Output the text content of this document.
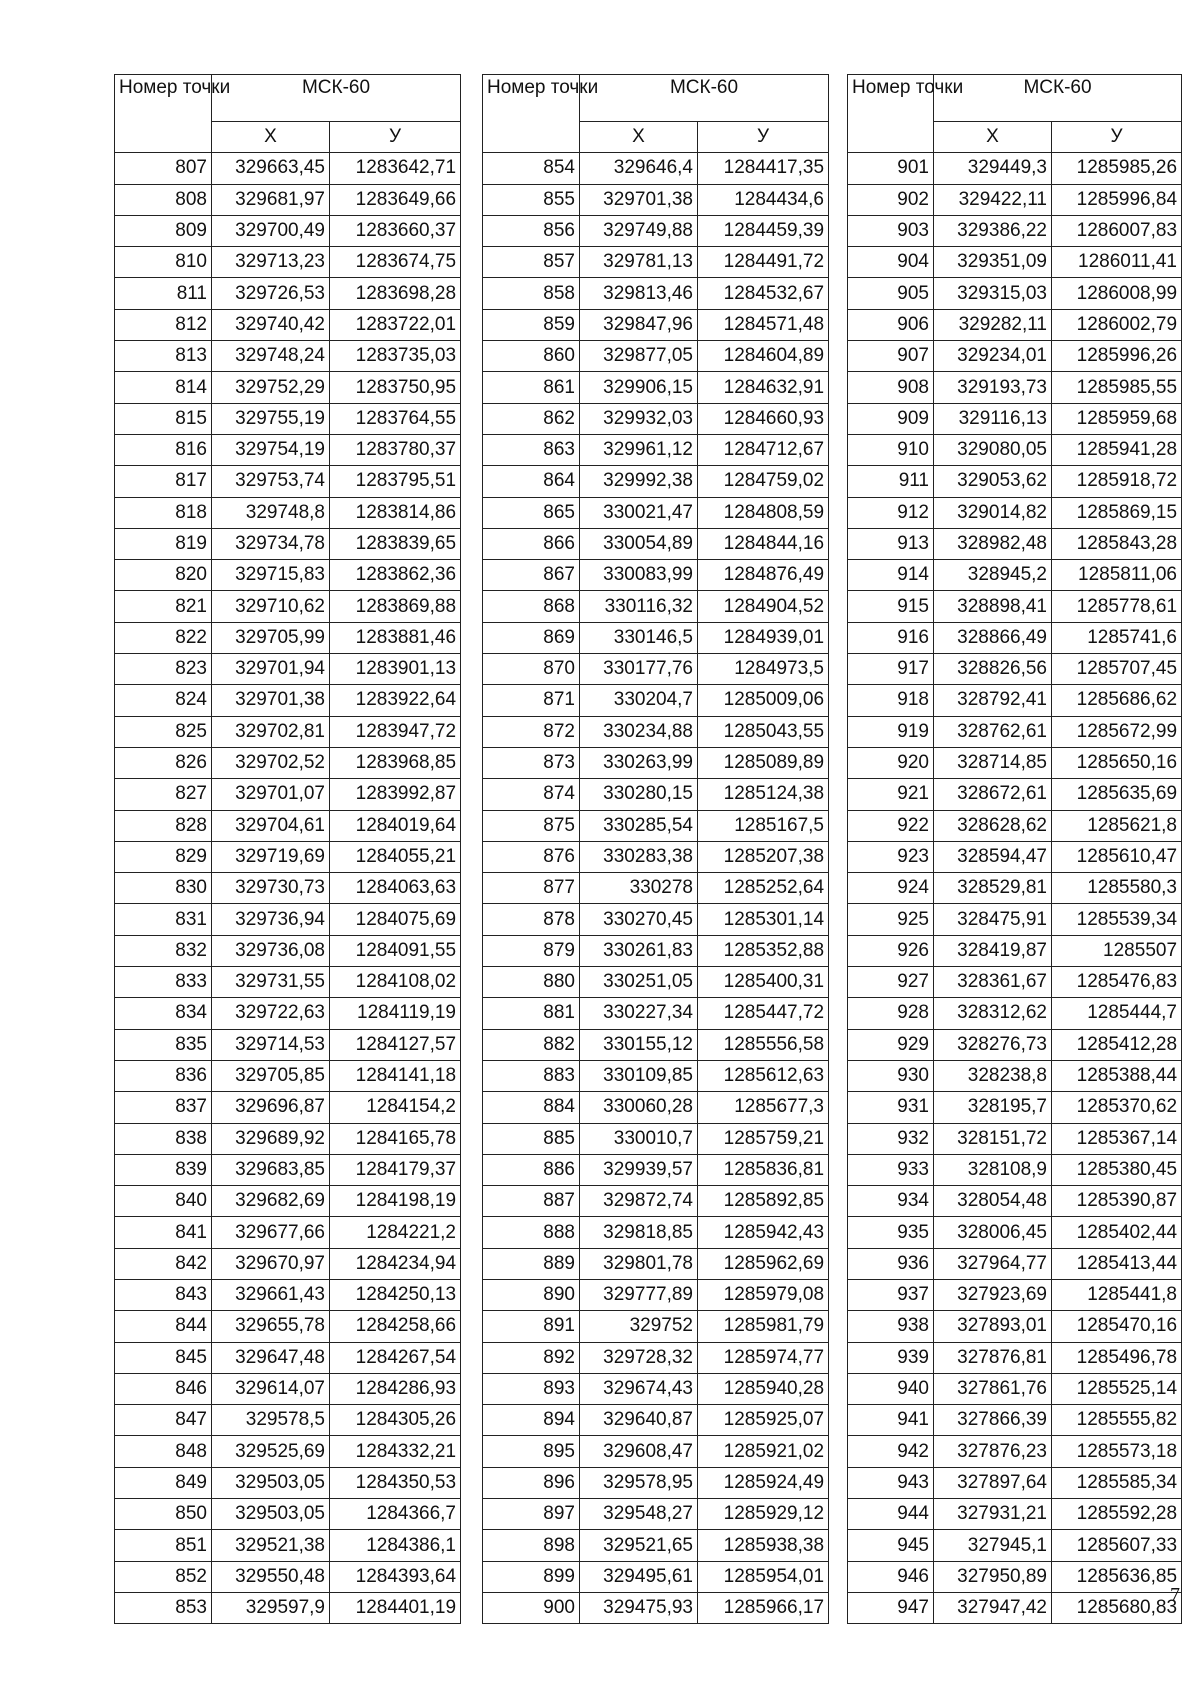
Номер точки	МСК-60	
	X	У
807	329663,45	1283642,71
808	329681,97	1283649,66
809	329700,49	1283660,37
810	329713,23	1283674,75
811	329726,53	1283698,28
812	329740,42	1283722,01
813	329748,24	1283735,03
814	329752,29	1283750,95
815	329755,19	1283764,55
816	329754,19	1283780,37
817	329753,74	1283795,51
818	329748,8	1283814,86
819	329734,78	1283839,65
820	329715,83	1283862,36
821	329710,62	1283869,88
822	329705,99	1283881,46
823	329701,94	1283901,13
824	329701,38	1283922,64
825	329702,81	1283947,72
826	329702,52	1283968,85
827	329701,07	1283992,87
828	329704,61	1284019,64
829	329719,69	1284055,21
830	329730,73	1284063,63
831	329736,94	1284075,69
832	329736,08	1284091,55
833	329731,55	1284108,02
834	329722,63	1284119,19
835	329714,53	1284127,57
836	329705,85	1284141,18
837	329696,87	1284154,2
838	329689,92	1284165,78
839	329683,85	1284179,37
840	329682,69	1284198,19
841	329677,66	1284221,2
842	329670,97	1284234,94
843	329661,43	1284250,13
844	329655,78	1284258,66
845	329647,48	1284267,54
846	329614,07	1284286,93
847	329578,5	1284305,26
848	329525,69	1284332,21
849	329503,05	1284350,53
850	329503,05	1284366,7
851	329521,38	1284386,1
852	329550,48	1284393,64
853	329597,9	1284401,19
Номер точки	МСК-60	
	X	У
854	329646,4	1284417,35
855	329701,38	1284434,6
856	329749,88	1284459,39
857	329781,13	1284491,72
858	329813,46	1284532,67
859	329847,96	1284571,48
860	329877,05	1284604,89
861	329906,15	1284632,91
862	329932,03	1284660,93
863	329961,12	1284712,67
864	329992,38	1284759,02
865	330021,47	1284808,59
866	330054,89	1284844,16
867	330083,99	1284876,49
868	330116,32	1284904,52
869	330146,5	1284939,01
870	330177,76	1284973,5
871	330204,7	1285009,06
872	330234,88	1285043,55
873	330263,99	1285089,89
874	330280,15	1285124,38
875	330285,54	1285167,5
876	330283,38	1285207,38
877	330278	1285252,64
878	330270,45	1285301,14
879	330261,83	1285352,88
880	330251,05	1285400,31
881	330227,34	1285447,72
882	330155,12	1285556,58
883	330109,85	1285612,63
884	330060,28	1285677,3
885	330010,7	1285759,21
886	329939,57	1285836,81
887	329872,74	1285892,85
888	329818,85	1285942,43
889	329801,78	1285962,69
890	329777,89	1285979,08
891	329752	1285981,79
892	329728,32	1285974,77
893	329674,43	1285940,28
894	329640,87	1285925,07
895	329608,47	1285921,02
896	329578,95	1285924,49
897	329548,27	1285929,12
898	329521,65	1285938,38
899	329495,61	1285954,01
900	329475,93	1285966,17
Номер точки	МСК-60	
	X	У
901	329449,3	1285985,26
902	329422,11	1285996,84
903	329386,22	1286007,83
904	329351,09	1286011,41
905	329315,03	1286008,99
906	329282,11	1286002,79
907	329234,01	1285996,26
908	329193,73	1285985,55
909	329116,13	1285959,68
910	329080,05	1285941,28
911	329053,62	1285918,72
912	329014,82	1285869,15
913	328982,48	1285843,28
914	328945,2	1285811,06
915	328898,41	1285778,61
916	328866,49	1285741,6
917	328826,56	1285707,45
918	328792,41	1285686,62
919	328762,61	1285672,99
920	328714,85	1285650,16
921	328672,61	1285635,69
922	328628,62	1285621,8
923	328594,47	1285610,47
924	328529,81	1285580,3
925	328475,91	1285539,34
926	328419,87	1285507
927	328361,67	1285476,83
928	328312,62	1285444,7
929	328276,73	1285412,28
930	328238,8	1285388,44
931	328195,7	1285370,62
932	328151,72	1285367,14
933	328108,9	1285380,45
934	328054,48	1285390,87
935	328006,45	1285402,44
936	327964,77	1285413,44
937	327923,69	1285441,8
938	327893,01	1285470,16
939	327876,81	1285496,78
940	327861,76	1285525,14
941	327866,39	1285555,82
942	327876,23	1285573,18
943	327897,64	1285585,34
944	327931,21	1285592,28
945	327945,1	1285607,33
946	327950,89	1285636,85
947	327947,42	1285680,83
7
